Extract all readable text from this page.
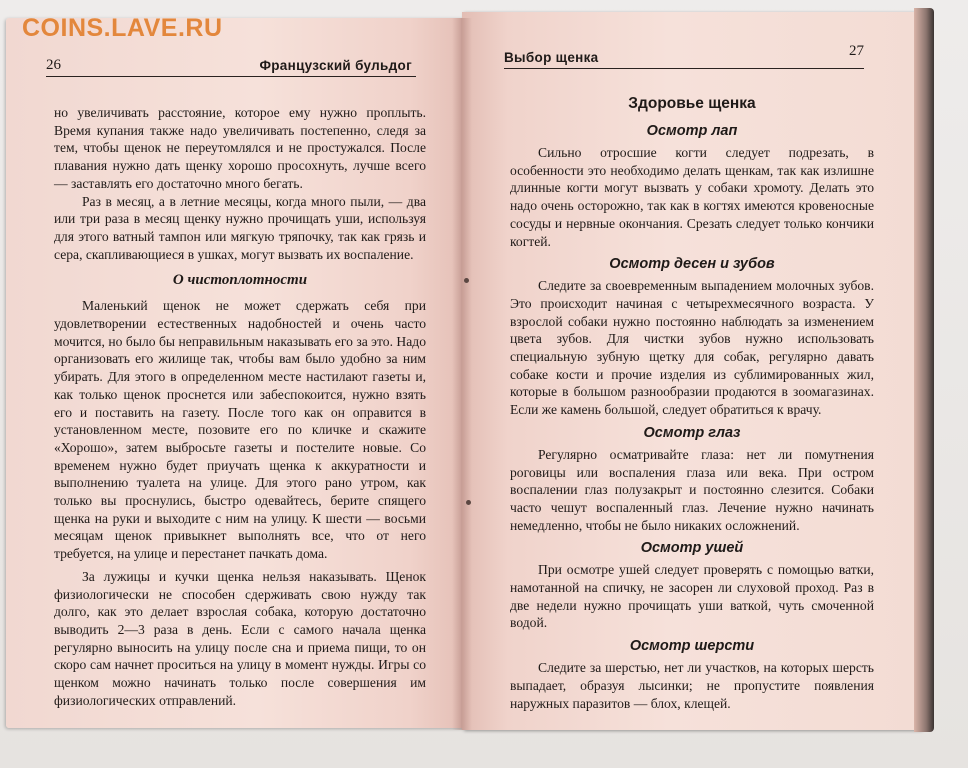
COINS.LAVE.RU
26	Французский бульдог
Выбор щенка	27

но увеличивать расстояние, которое ему нужно проплыть. Время купания также надо увеличивать постепенно, следя за тем, чтобы щенок не переутомлялся и не простужался. После плавания нужно дать щенку хорошо просохнуть, лучше всего — заставлять его достаточно много бегать.

Раз в месяц, а в летние месяцы, когда много пыли, — два или три раза в месяц щенку нужно прочищать уши, используя для этого ватный тампон или мягкую тряпочку, так как грязь и сера, скапливающиеся в ушках, могут вызвать их воспаление.

О чистоплотности

Маленький щенок не может сдержать себя при удовлетворении естественных надобностей и очень часто мочится, но было бы неправильным наказывать его за это. Надо организовать его жилище так, чтобы вам было удобно за ним убирать. Для этого в определенном месте настилают газеты и, как только щенок проснется или забеспокоится, нужно взять его и поставить на газету. После того как он оправится в установленном месте, позовите его по кличке и скажите «Хорошо», затем выбросьте газеты и постелите новые. Со временем нужно будет приучать щенка к аккуратности и выполнению туалета на улице. Для этого рано утром, как только вы проснулись, быстро одевайтесь, берите спящего щенка на руки и выходите с ним на улицу. К шести — восьми месяцам щенок привыкнет выполнять все, что от него требуется, на улице и перестанет пачкать дома.

За лужицы и кучки щенка нельзя наказывать. Щенок физиологически не способен сдерживать свою нужду так долго, как это делает взрослая собака, которую достаточно выводить 2—3 раза в день. Если с самого начала щенка регулярно выносить на улицу после сна и приема пищи, то он скоро сам начнет проситься на улицу в момент нужды. Игры со щенком можно начинать только после совершения им физиологических отправлений.

Здоровье щенка
Осмотр лап

Сильно отросшие когти следует подрезать, в особенности это необходимо делать щенкам, так как излишне длинные когти могут вызвать у собаки хромоту. Делать это надо очень осторожно, так как в когтях имеются кровеносные сосуды и нервные окончания. Срезать следует только кончики когтей.

Осмотр десен и зубов

Следите за своевременным выпадением молочных зубов. Это происходит начиная с четырехмесячного возраста. У взрослой собаки нужно постоянно наблюдать за изменением цвета зубов. Для чистки зубов нужно использовать специальную зубную щетку для собак, регулярно давать собаке кости и прочие изделия из сублимированных жил, которые в большом разнообразии продаются в зоомагазинах. Если же камень большой, следует обратиться к врачу.

Осмотр глаз

Регулярно осматривайте глаза: нет ли помутнения роговицы или воспаления глаза или века. При остром воспалении глаз полузакрыт и постоянно слезится. Собаки часто чешут воспаленный глаз. Лечение нужно начинать немедленно, чтобы не было никаких осложнений.

Осмотр ушей

При осмотре ушей следует проверять с помощью ватки, намотанной на спичку, не засорен ли слуховой проход. Раз в две недели нужно прочищать уши ваткой, чуть смоченной водой.

Осмотр шерсти

Следите за шерстью, нет ли участков, на которых шерсть выпадает, образуя лысинки; не пропустите появления наружных паразитов — блох, клещей.
